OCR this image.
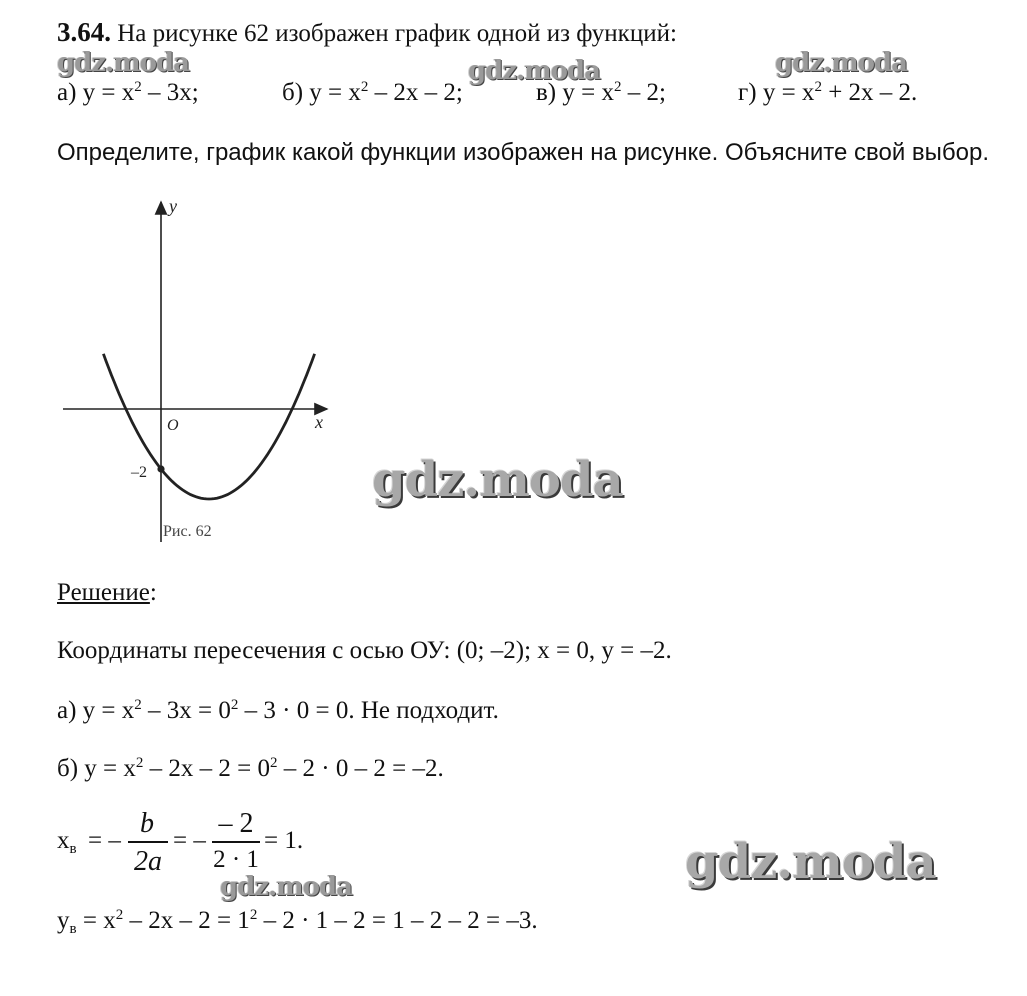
3.64. На рисунке 62 изображен график одной из функций:
а) $y = x^2 - 3x$;	б) $y = x^2 - 2x - 2$;	в) $y = x^2 - 2$;	г) $y = x^2 + 2x - 2$.
Определите, график какой функции изображен на рисунке. Объясните свой выбор.
y
x
O
–2
Рис. 62
Решение:
Координаты пересечения с осью ОУ: (0; –2); x = 0, y = –2.
а) $y = x^2 - 3x = 0^2 - 3 \cdot 0 = 0$. Не подходит.
б) $y = x^2 - 2x - 2 = 0^2 - 2 \cdot 0 - 2 = -2$.
$x_в$ = –
b
2a
= –
– 2
2 · 1
= 1.
$y_в = x^2 - 2x - 2 = 1^2 - 2 \cdot 1 - 2 = 1 - 2 - 2 = -3$.
gdz.moda	gdz.moda	gdz.moda
gdz.moda
gdz.moda
gdz.moda
